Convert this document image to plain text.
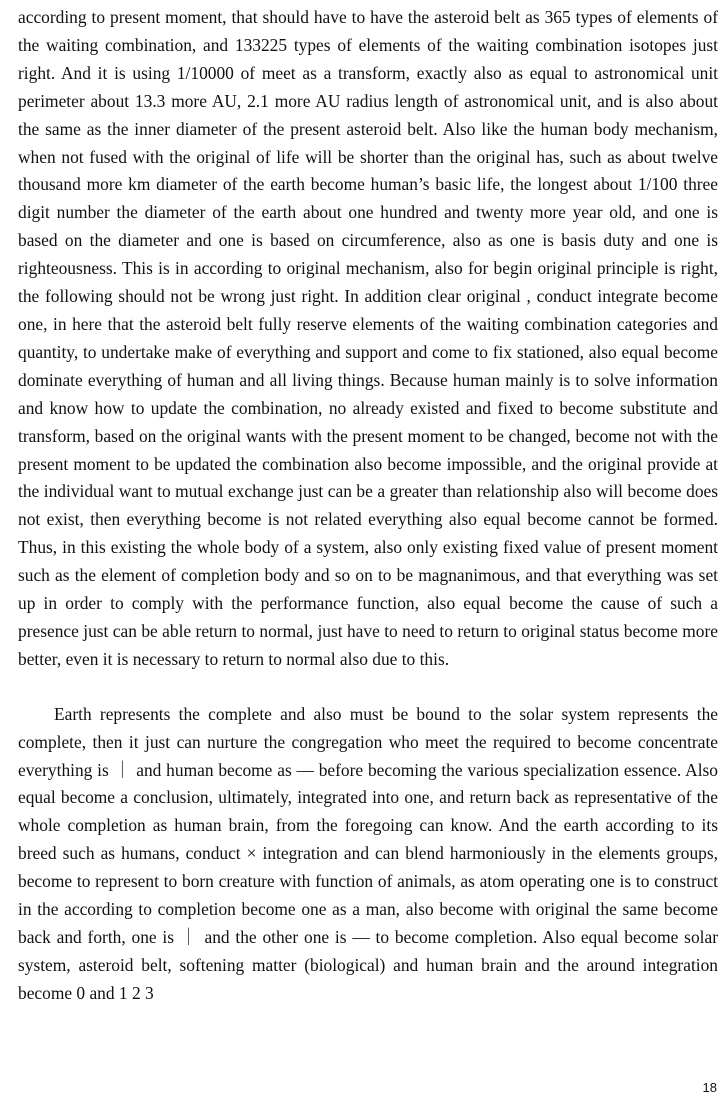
according to present moment, that should have to have the asteroid belt as 365 types of elements of the waiting combination, and 133225 types of elements of the waiting combination isotopes just right. And it is using 1/10000 of meet as a transform, exactly also as equal to astronomical unit perimeter about 13.3 more AU, 2.1 more AU radius length of astronomical unit, and is also about the same as the inner diameter of the present asteroid belt. Also like the human body mechanism, when not fused with the original of life will be shorter than the original has, such as about twelve thousand more km diameter of the earth become human’s basic life, the longest about 1/100 three digit number the diameter of the earth about one hundred and twenty more year old, and one is based on the diameter and one is based on circumference, also as one is basis duty and one is righteousness. This is in according to original mechanism, also for begin original principle is right, the following should not be wrong just right. In addition clear original , conduct integrate become one, in here that the asteroid belt fully reserve elements of the waiting combination categories and quantity, to undertake make of everything and support and come to fix stationed, also equal become dominate everything of human and all living things. Because human mainly is to solve information and know how to update the combination, no already existed and fixed to become substitute and transform, based on the original wants with the present moment to be changed, become not with the present moment to be updated the combination also become impossible, and the original provide at the individual want to mutual exchange just can be a greater than relationship also will become does not exist, then everything become is not related everything also equal become cannot be formed. Thus, in this existing the whole body of a system, also only existing fixed value of present moment such as the element of completion body and so on to be magnanimous, and that everything was set up in order to comply with the performance function, also equal become the cause of such a presence just can be able return to normal, just have to need to return to original status become more better, even it is necessary to return to normal also due to this.

Earth represents the complete and also must be bound to the solar system represents the complete, then it just can nurture the congregation who meet the required to become concentrate everything is ｜ and human become as — before becoming the various specialization essence. Also equal become a conclusion, ultimately, integrated into one, and return back as representative of the whole completion as human brain, from the foregoing can know. And the earth according to its breed such as humans, conduct × integration and can blend harmoniously in the elements groups, become to represent to born creature with function of animals, as atom operating one is to construct in the according to completion become one as a man, also become with original the same become back and forth, one is ｜ and the other one is — to become completion. Also equal become solar system, asteroid belt, softening matter (biological) and human brain and the around integration become 0 and 1 2 3

18
